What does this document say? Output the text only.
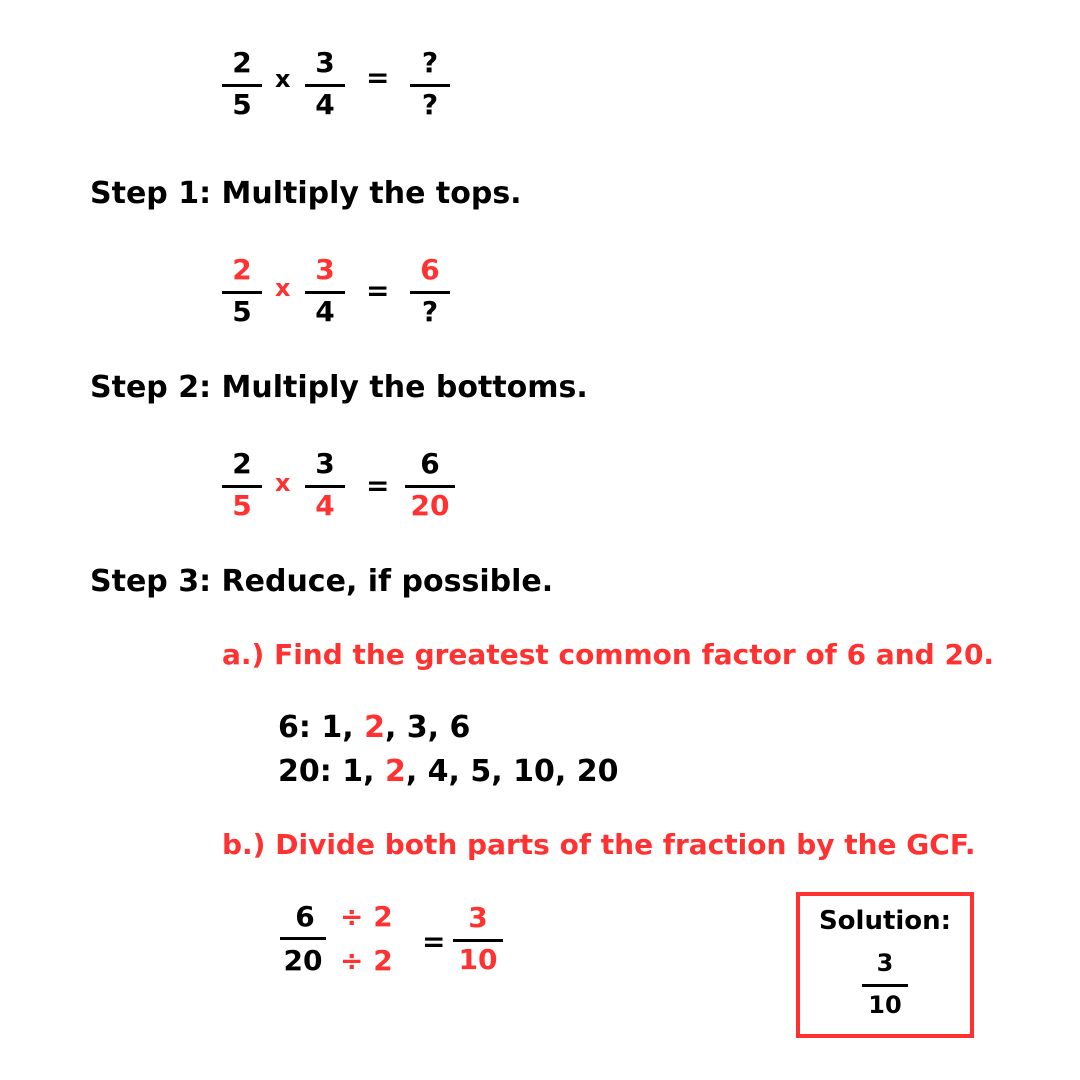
2
5
x 3
4
=	?
?
Step 1: Multiply the tops.
2
5
x
3
4
=
6
?
Step 2: Multiply the bottoms.
2
5
x
3
4
=
6
20
Step 3: Reduce, if possible.
a.) Find the greatest common factor of 6 and 20.
6: 1, 2, 3, 6
20: 1, 2, 4, 5, 10, 20
b.) Divide both parts of the fraction by the GCF.
6 ÷ 2
20 ÷ 2
=
3
10
Solution:
3
10
